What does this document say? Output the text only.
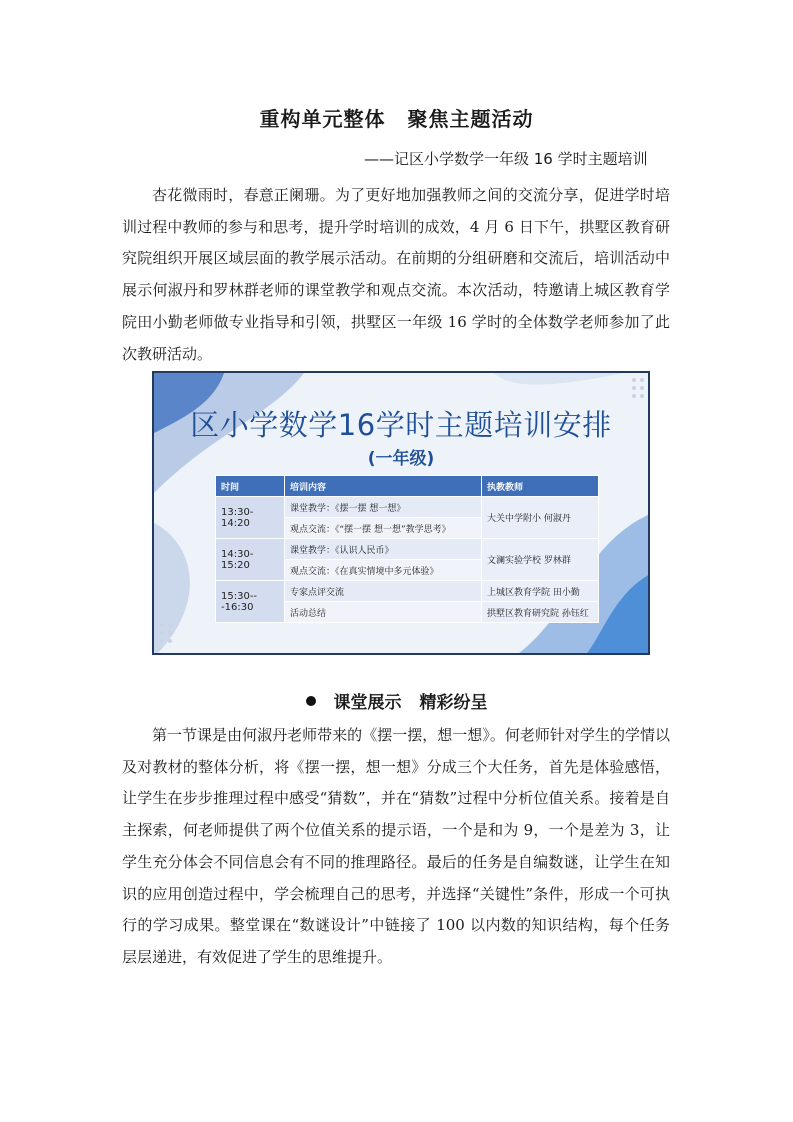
重构单元整体 聚焦主题活动
——记区小学数学一年级 16 学时主题培训

杏花微雨时，春意正阑珊。为了更好地加强教师之间的交流分享，促进学时培训过程中教师的参与和思考，提升学时培训的成效，4 月 6 日下午，拱墅区教育研究院组织开展区域层面的教学展示活动。在前期的分组研磨和交流后，培训活动中展示何淑丹和罗林群老师的课堂教学和观点交流。本次活动，特邀请上城区教育学院田小勤老师做专业指导和引领，拱墅区一年级 16 学时的全体数学老师参加了此次教研活动。

区小学数学16学时主题培训安排
(一年级)
时间	培训内容	执教教师
13:30-14:20	课堂教学：《摆一摆 想一想》	大关中学附小 何淑丹
	观点交流：《“摆一摆 想一想”教学思考》	
14:30-15:20	课堂教学：《认识人民币》	文澜实验学校 罗林群
	观点交流：《在真实情境中多元体验》	
15:30---16:30	专家点评交流	上城区教育学院 田小勤
	活动总结	拱墅区教育研究院 孙钰红
课堂展示 精彩纷呈

第一节课是由何淑丹老师带来的《摆一摆，想一想》。何老师针对学生的学情以及对教材的整体分析，将《摆一摆，想一想》分成三个大任务，首先是体验感悟，让学生在步步推理过程中感受“猜数”，并在“猜数”过程中分析位值关系。接着是自主探索，何老师提供了两个位值关系的提示语，一个是和为 9，一个是差为 3，让学生充分体会不同信息会有不同的推理路径。最后的任务是自编数谜，让学生在知识的应用创造过程中，学会梳理自己的思考，并选择“关键性”条件，形成一个可执行的学习成果。整堂课在“数谜设计”中链接了 100 以内数的知识结构，每个任务层层递进，有效促进了学生的思维提升。
